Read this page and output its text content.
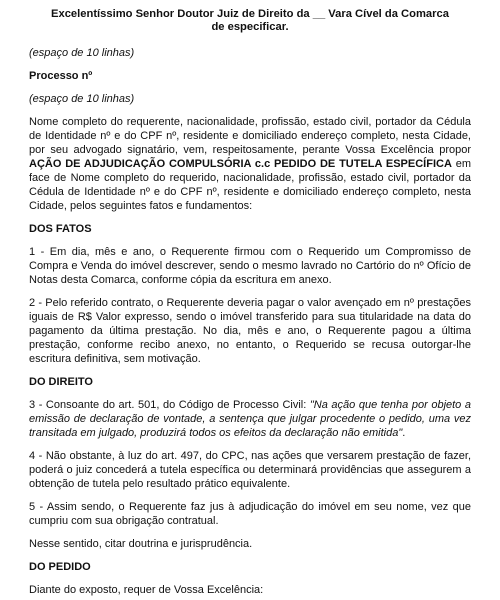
Excelentíssimo Senhor Doutor Juiz de Direito da __ Vara Cível da Comarca
de especificar.

(espaço de 10 linhas)

Processo nº

(espaço de 10 linhas)

Nome completo do requerente, nacionalidade, profissão, estado civil, portador da Cédula de Identidade nº e do CPF nº, residente e domiciliado endereço completo, nesta Cidade, por seu advogado signatário, vem, respeitosamente, perante Vossa Excelência propor AÇÃO DE ADJUDICAÇÃO COMPULSÓRIA c.c PEDIDO DE TUTELA ESPECÍFICA em face de Nome completo do requerido, nacionalidade, profissão, estado civil, portador da Cédula de Identidade nº e do CPF nº, residente e domiciliado endereço completo, nesta Cidade, pelos seguintes fatos e fundamentos:

DOS FATOS

1 - Em dia, mês e ano, o Requerente firmou com o Requerido um Compromisso de Compra e Venda do imóvel descrever, sendo o mesmo lavrado no Cartório do nº Ofício de Notas desta Comarca, conforme cópia da escritura em anexo.

2 - Pelo referido contrato, o Requerente deveria pagar o valor avençado em nº prestações iguais de R$ Valor expresso, sendo o imóvel transferido para sua titularidade na data do pagamento da última prestação. No dia, mês e ano, o Requerente pagou a última prestação, conforme recibo anexo, no entanto, o Requerido se recusa outorgar-lhe escritura definitiva, sem motivação.

DO DIREITO

3 - Consoante do art. 501, do Código de Processo Civil: "Na ação que tenha por objeto a emissão de declaração de vontade, a sentença que julgar procedente o pedido, uma vez transitada em julgado, produzirá todos os efeitos da declaração não emitida".

4 - Não obstante, à luz do art. 497, do CPC, nas ações que versarem prestação de fazer, poderá o juiz concederá a tutela específica ou determinará providências que assegurem a obtenção de tutela pelo resultado prático equivalente.

5 - Assim sendo, o Requerente faz jus à adjudicação do imóvel em seu nome, vez que cumpriu com sua obrigação contratual.

Nesse sentido, citar doutrina e jurisprudência.

DO PEDIDO

Diante do exposto, requer de Vossa Excelência:
